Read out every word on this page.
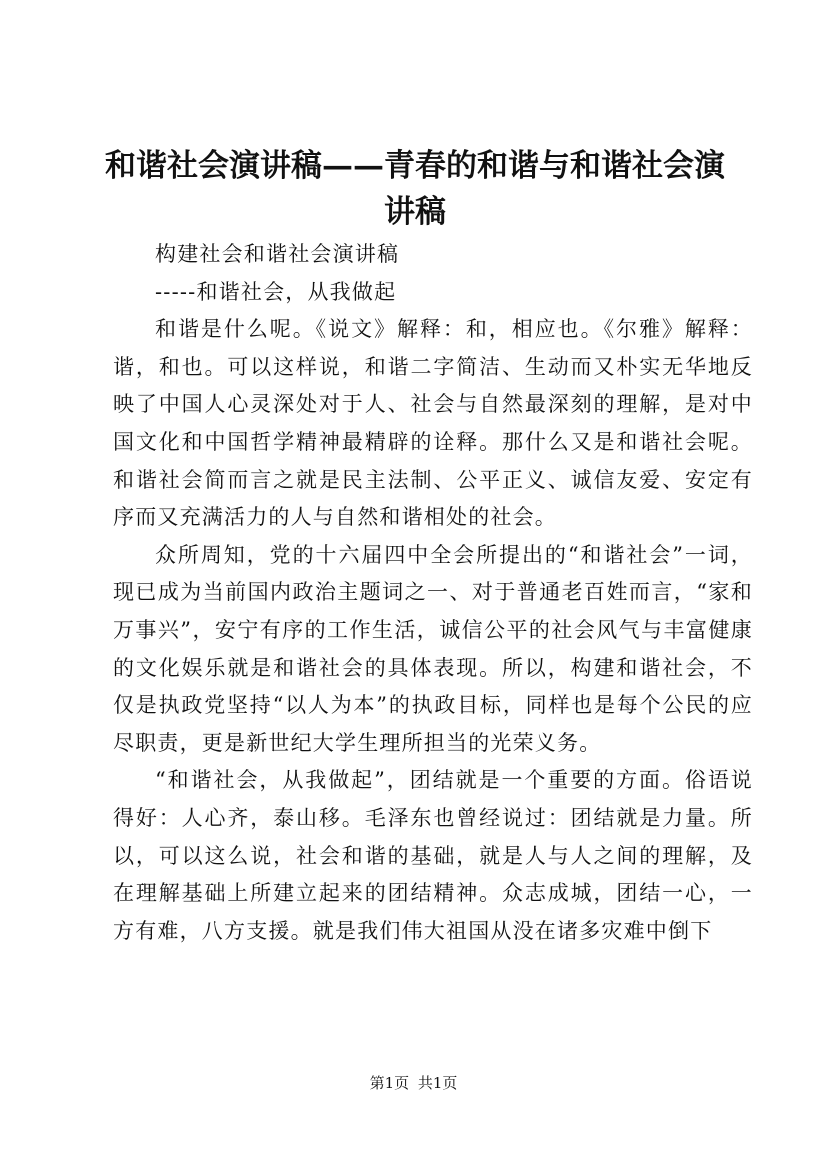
和谐社会演讲稿——青春的和谐与和谐社会演
讲稿

构建社会和谐社会演讲稿

-----和谐社会，从我做起

和谐是什么呢。《说文》解释：和，相应也。《尔雅》解释：谐，和也。可以这样说，和谐二字简洁、生动而又朴实无华地反映了中国人心灵深处对于人、社会与自然最深刻的理解，是对中国文化和中国哲学精神最精辟的诠释。那什么又是和谐社会呢。和谐社会简而言之就是民主法制、公平正义、诚信友爱、安定有序而又充满活力的人与自然和谐相处的社会。

众所周知，党的十六届四中全会所提出的“和谐社会”一词，现已成为当前国内政治主题词之一、对于普通老百姓而言，“家和万事兴”，安宁有序的工作生活，诚信公平的社会风气与丰富健康的文化娱乐就是和谐社会的具体表现。所以，构建和谐社会，不仅是执政党坚持“以人为本”的执政目标，同样也是每个公民的应尽职责，更是新世纪大学生理所担当的光荣义务。

“和谐社会，从我做起”，团结就是一个重要的方面。俗语说得好：人心齐，泰山移。毛泽东也曾经说过：团结就是力量。所以，可以这么说，社会和谐的基础，就是人与人之间的理解，及在理解基础上所建立起来的团结精神。众志成城，团结一心，一方有难，八方支援。就是我们伟大祖国从没在诸多灾难中倒下

第1页 共1页
